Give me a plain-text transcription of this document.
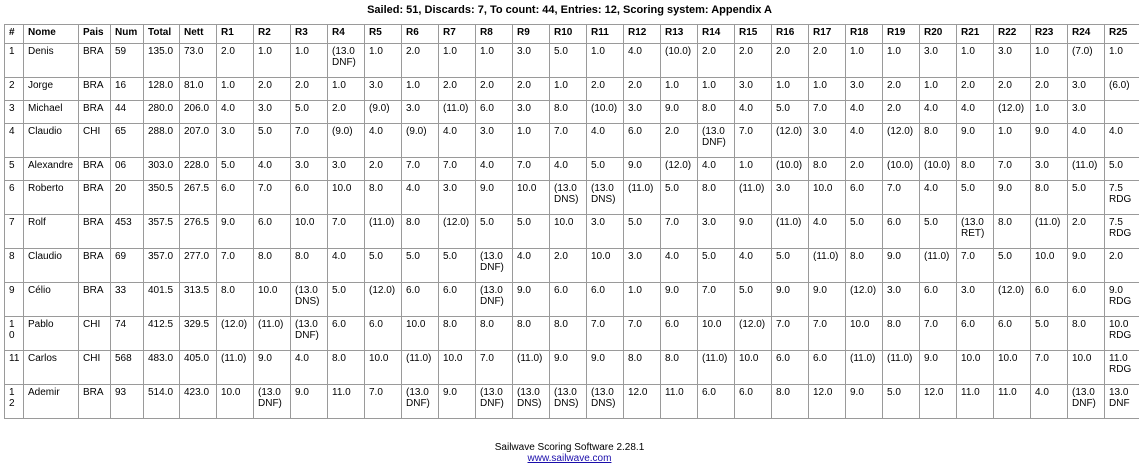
Sailed: 51, Discards: 7, To count: 44, Entries: 12, Scoring system: Appendix A
#	Nome	Pais	Num	Total	Nett	R1	R2	R3	R4	R5	R6	R7	R8	R9	R10	R11	R12	R13	R14	R15	R16	R17	R18	R19	R20	R21	R22	R23	R24	R25
1	Denis	BRA	59	135.0	73.0	2.0	1.0	1.0	(13.0 DNF)	1.0	2.0	1.0	1.0	3.0	5.0	1.0	4.0	(10.0)	2.0	2.0	2.0	2.0	1.0	1.0	3.0	1.0	3.0	1.0	(7.0)	1.0
2	Jorge	BRA	16	128.0	81.0	1.0	2.0	2.0	1.0	3.0	1.0	2.0	2.0	2.0	1.0	2.0	2.0	1.0	1.0	3.0	1.0	1.0	3.0	2.0	1.0	2.0	2.0	2.0	3.0	(6.0)
3	Michael	BRA	44	280.0	206.0	4.0	3.0	5.0	2.0	(9.0)	3.0	(11.0)	6.0	3.0	8.0	(10.0)	3.0	9.0	8.0	4.0	5.0	7.0	4.0	2.0	4.0	4.0	(12.0)	1.0	3.0	
4	Claudio	CHI	65	288.0	207.0	3.0	5.0	7.0	(9.0)	4.0	(9.0)	4.0	3.0	1.0	7.0	4.0	6.0	2.0	(13.0 DNF)	7.0	(12.0)	3.0	4.0	(12.0)	8.0	9.0	1.0	9.0	4.0	4.0
5	Alexandre	BRA	06	303.0	228.0	5.0	4.0	3.0	3.0	2.0	7.0	7.0	4.0	7.0	4.0	5.0	9.0	(12.0)	4.0	1.0	(10.0)	8.0	2.0	(10.0)	(10.0)	8.0	7.0	3.0	(11.0)	5.0
6	Roberto	BRA	20	350.5	267.5	6.0	7.0	6.0	10.0	8.0	4.0	3.0	9.0	10.0	(13.0 DNS)	(13.0 DNS)	(11.0)	5.0	8.0	(11.0)	3.0	10.0	6.0	7.0	4.0	5.0	9.0	8.0	5.0	7.5 RDG
7	Rolf	BRA	453	357.5	276.5	9.0	6.0	10.0	7.0	(11.0)	8.0	(12.0)	5.0	5.0	10.0	3.0	5.0	7.0	3.0	9.0	(11.0)	4.0	5.0	6.0	5.0	(13.0 RET)	8.0	(11.0)	2.0	7.5 RDG
8	Claudio	BRA	69	357.0	277.0	7.0	8.0	8.0	4.0	5.0	5.0	5.0	(13.0 DNF)	4.0	2.0	10.0	3.0	4.0	5.0	4.0	5.0	(11.0)	8.0	9.0	(11.0)	7.0	5.0	10.0	9.0	2.0
9	Célio	BRA	33	401.5	313.5	8.0	10.0	(13.0 DNS)	5.0	(12.0)	6.0	6.0	(13.0 DNF)	9.0	6.0	6.0	1.0	9.0	7.0	5.0	9.0	9.0	(12.0)	3.0	6.0	3.0	(12.0)	6.0	6.0	9.0 RDG
10	Pablo	CHI	74	412.5	329.5	(12.0)	(11.0)	(13.0 DNF)	6.0	6.0	10.0	8.0	8.0	8.0	8.0	7.0	7.0	6.0	10.0	(12.0)	7.0	7.0	10.0	8.0	7.0	6.0	6.0	5.0	8.0	10.0 RDG
11	Carlos	CHI	568	483.0	405.0	(11.0)	9.0	4.0	8.0	10.0	(11.0)	10.0	7.0	(11.0)	9.0	9.0	8.0	8.0	(11.0)	10.0	6.0	6.0	(11.0)	(11.0)	9.0	10.0	10.0	7.0	10.0	11.0 RDG
12	Ademir	BRA	93	514.0	423.0	10.0	(13.0 DNF)	9.0	11.0	7.0	(13.0 DNF)	9.0	(13.0 DNF)	(13.0 DNS)	(13.0 DNS)	(13.0 DNS)	12.0	11.0	6.0	6.0	8.0	12.0	9.0	5.0	12.0	11.0	11.0	4.0	(13.0 DNF)	13.0 DNF
Sailwave Scoring Software 2.28.1
www.sailwave.com
